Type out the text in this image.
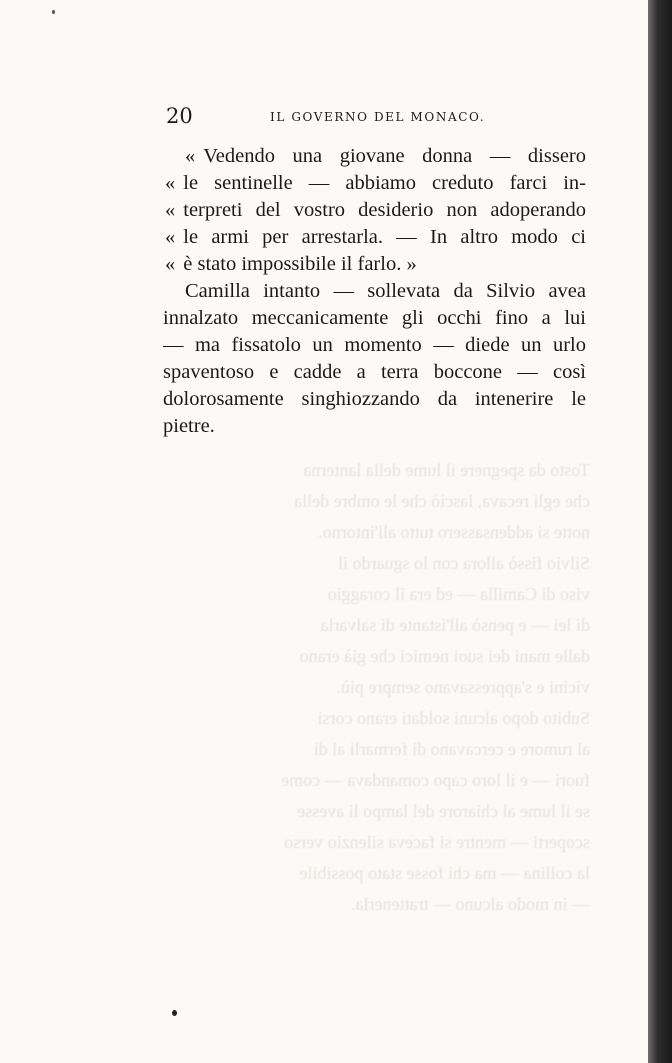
20	IL GOVERNO DEL MONACO.
Tosto da spegnere il lume della lanterna
che egli recava, lasciò che le ombre della
notte si addensassero tutto all'intorno.
Silvio fissò allora con lo sguardo il
viso di Camilla — ed era il coraggio
di lei — e pensò all'istante di salvarla
dalle mani dei suoi nemici che già erano
vicini e s'appressavano sempre più.
Subito dopo alcuni soldati erano corsi
al rumore e cercavano di fermarli al di
fuori — e il loro capo comandava — come
se il lume al chiarore del lampo li avesse
scoperti — mentre si faceva silenzio verso
la collina — ma chi fosse stato possibile
— in modo alcuno — trattenerla.
« Vedendo una giovane donna — dissero
« le sentinelle — abbiamo creduto farci in-
« terpreti del vostro desiderio non adoperando
« le armi per arrestarla. — In altro modo ci
« è stato impossibile il farlo. »
Camilla intanto — sollevata da Silvio avea
innalzato meccanicamente gli occhi fino a lui
— ma fissatolo un momento — diede un urlo
spaventoso e cadde a terra boccone — così
dolorosamente singhiozzando da intenerire le
pietre.
